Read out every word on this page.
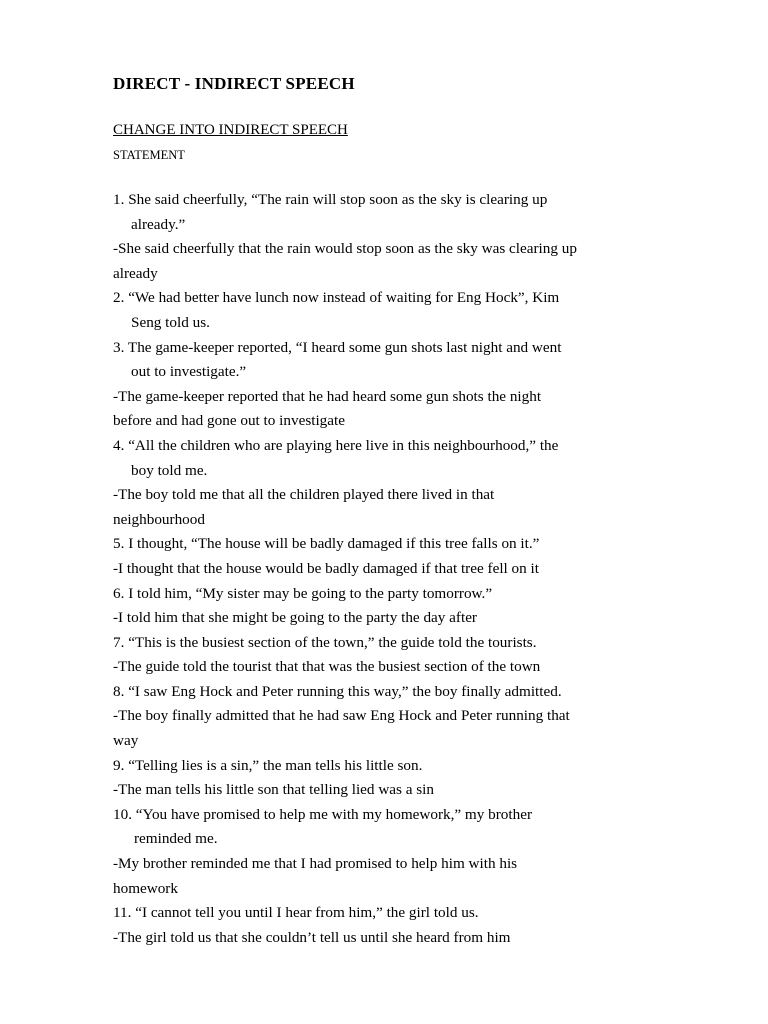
DIRECT - INDIRECT SPEECH
CHANGE INTO INDIRECT SPEECH
STATEMENT
1. She said cheerfully, “The rain will stop soon as the sky is clearing up
already.”
-She said cheerfully that the rain would stop soon as the sky was clearing up
already
2. “We had better have lunch now instead of waiting for Eng Hock”, Kim
Seng told us.
3. The game-keeper reported, “I heard some gun shots last night and went
out to investigate.”
-The game-keeper reported that he had heard some gun shots the night
before and had gone out to investigate
4. “All the children who are playing here live in this neighbourhood,” the
boy told me.
-The boy told me that all the children played there lived in that
neighbourhood
5. I thought, “The house will be badly damaged if this tree falls on it.”
-I thought that the house would be badly damaged if that tree fell on it
6. I told him, “My sister may be going to the party tomorrow.”
-I told him that she might be going to the party the day after
7. “This is the busiest section of the town,” the guide told the tourists.
-The guide told the tourist that that was the busiest section of the town
8. “I saw Eng Hock and Peter running this way,” the boy finally admitted.
-The boy finally admitted that he had saw Eng Hock and Peter running that
way
9. “Telling lies is a sin,” the man tells his little son.
-The man tells his little son that telling lied was a sin
10. “You have promised to help me with my homework,” my brother
reminded me.
-My brother reminded me that I had promised to help him with his
homework
11. “I cannot tell you until I hear from him,” the girl told us.
-The girl told us that she couldn’t tell us until she heard from him
